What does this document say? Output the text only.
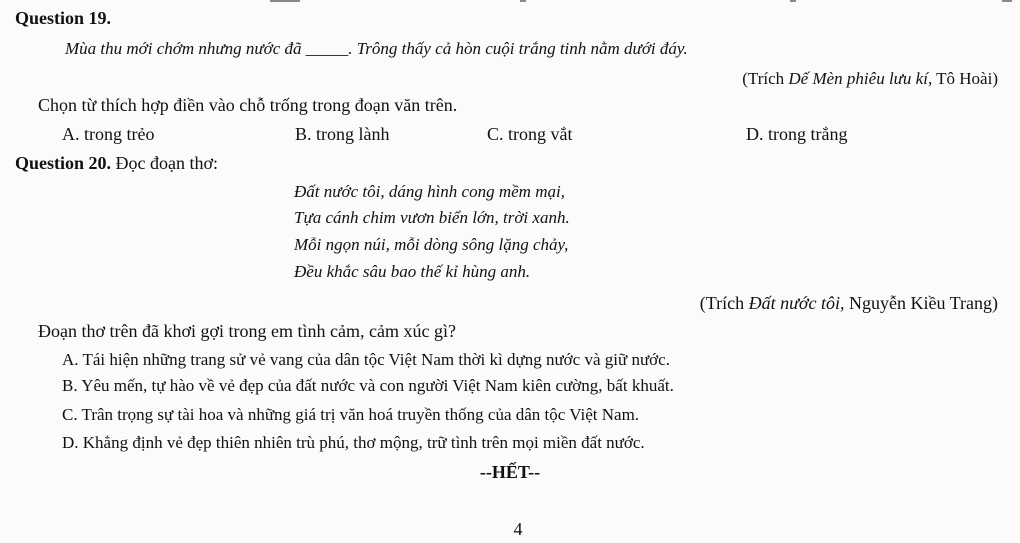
Question 19.
Mùa thu mới chớm nhưng nước đã _____. Trông thấy cả hòn cuội trắng tinh nằm dưới đáy.
(Trích Dế Mèn phiêu lưu kí, Tô Hoài)
Chọn từ thích hợp điền vào chỗ trống trong đoạn văn trên.
A. trong trẻo	B. trong lành	C. trong vắt	D. trong trắng
Question 20. Đọc đoạn thơ:
Đất nước tôi, dáng hình cong mềm mại,
Tựa cánh chim vươn biển lớn, trời xanh.
Mỗi ngọn núi, mỗi dòng sông lặng chảy,
Đều khắc sâu bao thế kỉ hùng anh.
(Trích Đất nước tôi, Nguyễn Kiều Trang)
Đoạn thơ trên đã khơi gợi trong em tình cảm, cảm xúc gì?
A. Tái hiện những trang sử vẻ vang của dân tộc Việt Nam thời kì dựng nước và giữ nước.
B. Yêu mến, tự hào về vẻ đẹp của đất nước và con người Việt Nam kiên cường, bất khuất.
C. Trân trọng sự tài hoa và những giá trị văn hoá truyền thống của dân tộc Việt Nam.
D. Khẳng định vẻ đẹp thiên nhiên trù phú, thơ mộng, trữ tình trên mọi miền đất nước.
--HẾT--
4
